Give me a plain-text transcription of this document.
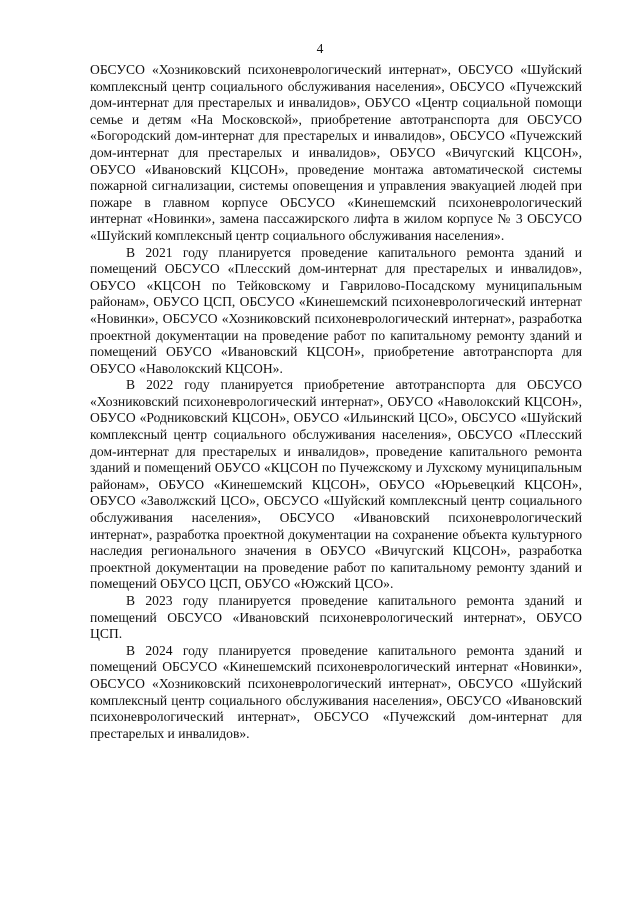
4

ОБСУСО «Хозниковский психоневрологический интернат», ОБСУСО «Шуйский комплексный центр социального обслуживания населения», ОБСУСО «Пучежский дом-интернат для престарелых и инвалидов», ОБУСО «Центр социальной помощи семье и детям «На Московской», приобретение автотранспорта для ОБСУСО «Богородский дом-интернат для престарелых и инвалидов», ОБСУСО «Пучежский дом-интернат для престарелых и инвалидов», ОБУСО «Вичугский КЦСОН», ОБУСО «Ивановский КЦСОН», проведение монтажа автоматической системы пожарной сигнализации, системы оповещения и управления эвакуацией людей при пожаре в главном корпусе ОБСУСО «Кинешемский психоневрологический интернат «Новинки», замена пассажирского лифта в жилом корпусе № 3 ОБСУСО «Шуйский комплексный центр социального обслуживания населения».

В 2021 году планируется проведение капитального ремонта зданий и помещений ОБСУСО «Плесский дом-интернат для престарелых и инвалидов», ОБУСО «КЦСОН по Тейковскому и Гаврилово-Посадскому муниципальным районам», ОБУСО ЦСП, ОБСУСО «Кинешемский психоневрологический интернат «Новинки», ОБСУСО «Хозниковский психоневрологический интернат», разработка проектной документации на проведение работ по капитальному ремонту зданий и помещений ОБУСО «Ивановский КЦСОН», приобретение автотранспорта для ОБУСО «Наволокский КЦСОН».

В 2022 году планируется приобретение автотранспорта для ОБСУСО «Хозниковский психоневрологический интернат», ОБУСО «Наволокский КЦСОН», ОБУСО «Родниковский КЦСОН», ОБУСО «Ильинский ЦСО», ОБСУСО «Шуйский комплексный центр социального обслуживания населения», ОБСУСО «Плесский дом-интернат для престарелых и инвалидов», проведение капитального ремонта зданий и помещений ОБУСО «КЦСОН по Пучежскому и Лухскому муниципальным районам», ОБУСО «Кинешемский КЦСОН», ОБУСО «Юрьевецкий КЦСОН», ОБУСО «Заволжский ЦСО», ОБСУСО «Шуйский комплексный центр социального обслуживания населения», ОБСУСО «Ивановский психоневрологический интернат», разработка проектной документации на сохранение объекта культурного наследия регионального значения в ОБУСО «Вичугский КЦСОН», разработка проектной документации на проведение работ по капитальному ремонту зданий и помещений ОБУСО ЦСП, ОБУСО «Южский ЦСО».

В 2023 году планируется проведение капитального ремонта зданий и помещений ОБСУСО «Ивановский психоневрологический интернат», ОБУСО ЦСП.

В 2024 году планируется проведение капитального ремонта зданий и помещений ОБСУСО «Кинешемский психоневрологический интернат «Новинки», ОБСУСО «Хозниковский психоневрологический интернат», ОБСУСО «Шуйский комплексный центр социального обслуживания населения», ОБСУСО «Ивановский психоневрологический интернат», ОБСУСО «Пучежский дом-интернат для престарелых и инвалидов».
